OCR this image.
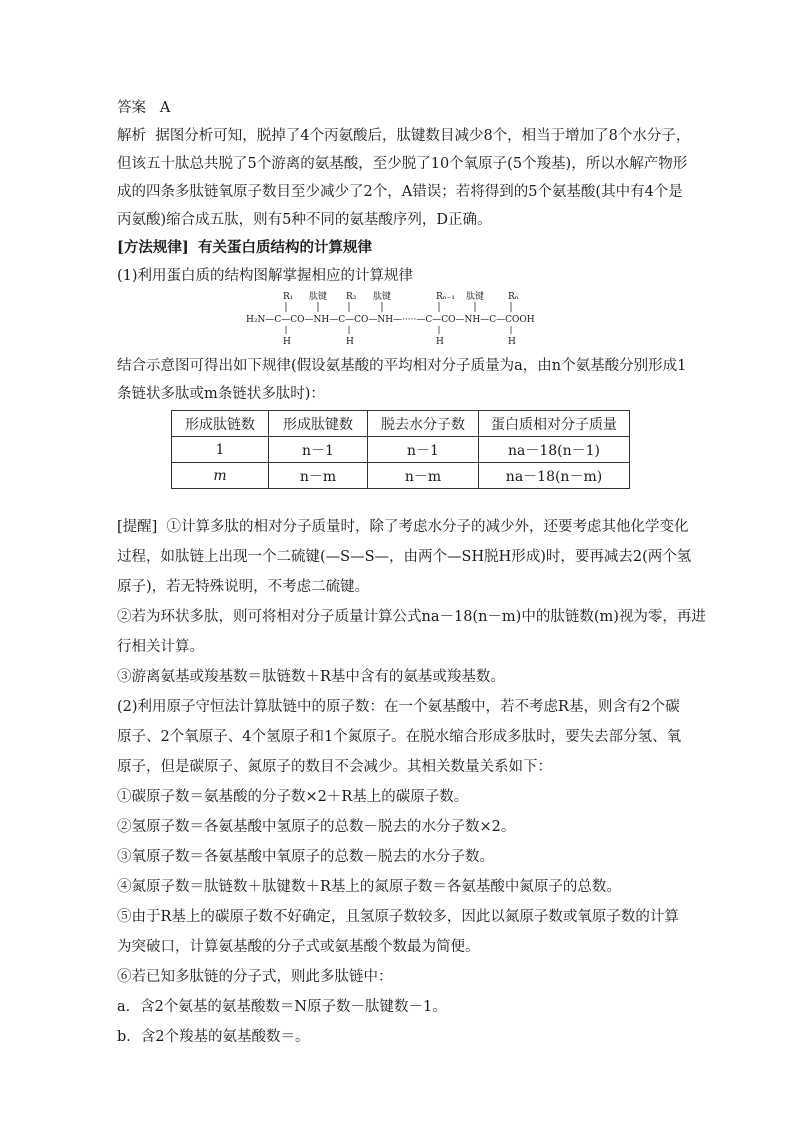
答案 A
解析 据图分析可知，脱掉了4个丙氨酸后，肽键数目减少8个，相当于增加了8个水分子，
但该五十肽总共脱了5个游离的氨基酸，至少脱了10个氧原子(5个羧基)，所以水解产物形
成的四条多肽链氧原子数目至少减少了2个，A错误；若将得到的5个氨基酸(其中有4个是
丙氨酸)缩合成五肽，则有5种不同的氨基酸序列，D正确。
[方法规律] 有关蛋白质结构的计算规律
(1)利用蛋白质的结构图解掌握相应的计算规律
R₁	R₂	Rₙ₋₁	Rₙ
肽键	肽键	肽键
H₂N—C—CO—NH—C—CO—NH—·····—C—CO—NH—C—COOH
H	H	H	H
结合示意图可得出如下规律(假设氨基酸的平均相对分子质量为a，由n个氨基酸分别形成1
条链状多肽或m条链状多肽时)：
形成肽链数	形成肽键数	脱去水分子数	蛋白质相对分子质量
1	n－1	n－1	na－18(n－1)
m	n－m	n－m	na－18(n－m)
[提醒] ①计算多肽的相对分子质量时，除了考虑水分子的减少外，还要考虑其他化学变化
过程，如肽链上出现一个二硫键(—S—S—，由两个—SH脱H形成)时，要再减去2(两个氢
原子)，若无特殊说明，不考虑二硫键。
②若为环状多肽，则可将相对分子质量计算公式na－18(n－m)中的肽链数(m)视为零，再进
行相关计算。
③游离氨基或羧基数＝肽链数＋R基中含有的氨基或羧基数。
(2)利用原子守恒法计算肽链中的原子数：在一个氨基酸中，若不考虑R基，则含有2个碳
原子、2个氧原子、4个氢原子和1个氮原子。在脱水缩合形成多肽时，要失去部分氢、氧
原子，但是碳原子、氮原子的数目不会减少。其相关数量关系如下：
①碳原子数＝氨基酸的分子数×2＋R基上的碳原子数。
②氢原子数＝各氨基酸中氢原子的总数－脱去的水分子数×2。
③氧原子数＝各氨基酸中氧原子的总数－脱去的水分子数。
④氮原子数＝肽链数＋肽键数＋R基上的氮原子数＝各氨基酸中氮原子的总数。
⑤由于R基上的碳原子数不好确定，且氢原子数较多，因此以氮原子数或氧原子数的计算
为突破口，计算氨基酸的分子式或氨基酸个数最为简便。
⑥若已知多肽链的分子式，则此多肽链中：
a．含2个氨基的氨基酸数＝N原子数－肽键数－1。
b．含2个羧基的氨基酸数＝。
